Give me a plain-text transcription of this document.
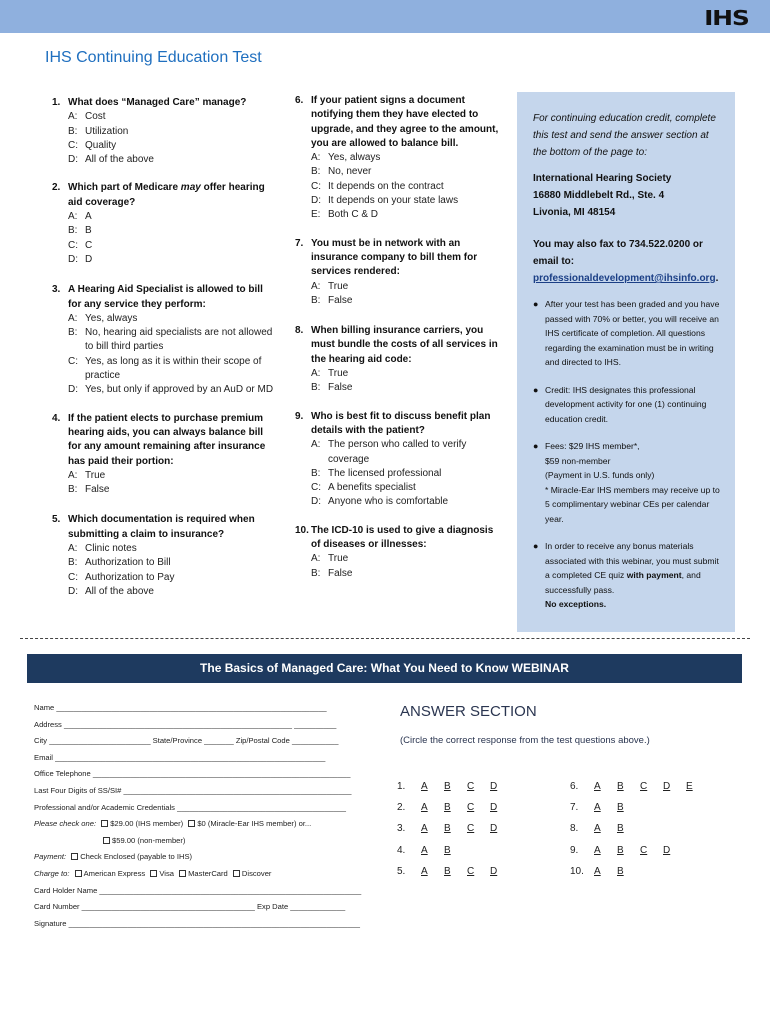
IHS
IHS Continuing Education Test
1. What does “Managed Care” manage?
A: Cost
B: Utilization
C: Quality
D: All of the above
2. Which part of Medicare may offer hearing aid coverage?
A: A
B: B
C: C
D: D
3. A Hearing Aid Specialist is allowed to bill for any service they perform:
A: Yes, always
B: No, hearing aid specialists are not allowed to bill third parties
C: Yes, as long as it is within their scope of practice
D: Yes, but only if approved by an AuD or MD
4. If the patient elects to purchase premium hearing aids, you can always balance bill for any amount remaining after insurance has paid their portion:
A: True
B: False
5. Which documentation is required when submitting a claim to insurance?
A: Clinic notes
B: Authorization to Bill
C: Authorization to Pay
D: All of the above
6. If your patient signs a document notifying them they have elected to upgrade, and they agree to the amount, you are allowed to balance bill.
A: Yes, always
B: No, never
C: It depends on the contract
D: It depends on your state laws
E: Both C & D
7. You must be in network with an insurance company to bill them for services rendered:
A: True
B: False
8. When billing insurance carriers, you must bundle the costs of all services in the hearing aid code:
A: True
B: False
9. Who is best fit to discuss benefit plan details with the patient?
A: The person who called to verify coverage
B: The licensed professional
C: A benefits specialist
D: Anyone who is comfortable
10. The ICD-10 is used to give a diagnosis of diseases or illnesses:
A: True
B: False
For continuing education credit, complete this test and send the answer section at the bottom of the page to:
International Hearing Society
16880 Middlebelt Rd., Ste. 4
Livonia, MI 48154
You may also fax to 734.522.0200 or email to:
professionaldevelopment@ihsinfo.org.
● After your test has been graded and you have passed with 70% or better, you will receive an IHS certificate of completion. All questions regarding the examination must be in writing and directed to IHS.
● Credit: IHS designates this professional development activity for one (1) continuing education credit.
● Fees: $29 IHS member*,
$59 non-member
(Payment in U.S. funds only)
* Miracle-Ear IHS members may receive up to 5 complimentary webinar CEs per calendar year.
● In order to receive any bonus materials associated with this webinar, you must submit a completed CE quiz with payment, and successfully pass.
No exceptions.
The Basics of Managed Care: What You Need to Know WEBINAR
Name ________________________________________________________________
Address ______________________________________________________ __________
City ________________________ State/Province _______ Zip/Postal Code ___________
Email ________________________________________________________________
Office Telephone _____________________________________________________________
Last Four Digits of SS/SI# ______________________________________________________
Professional and/or Academic Credentials ________________________________________
Please check one: $29.00 (IHS member) $0 (Miracle-Ear IHS member) or...
$59.00 (non-member)
Payment: Check Enclosed (payable to IHS)
Charge to: American Express Visa MasterCard Discover
Card Holder Name ______________________________________________________________
Card Number _________________________________________ Exp Date _____________
Signature _____________________________________________________________________
ANSWER SECTION
(Circle the correct response from the test questions above.)
1. A B C D
2. A B C D
3. A B C D
4. A B
5. A B C D
6. A B C D E
7. A B
8. A B
9. A B C D
10. A B
